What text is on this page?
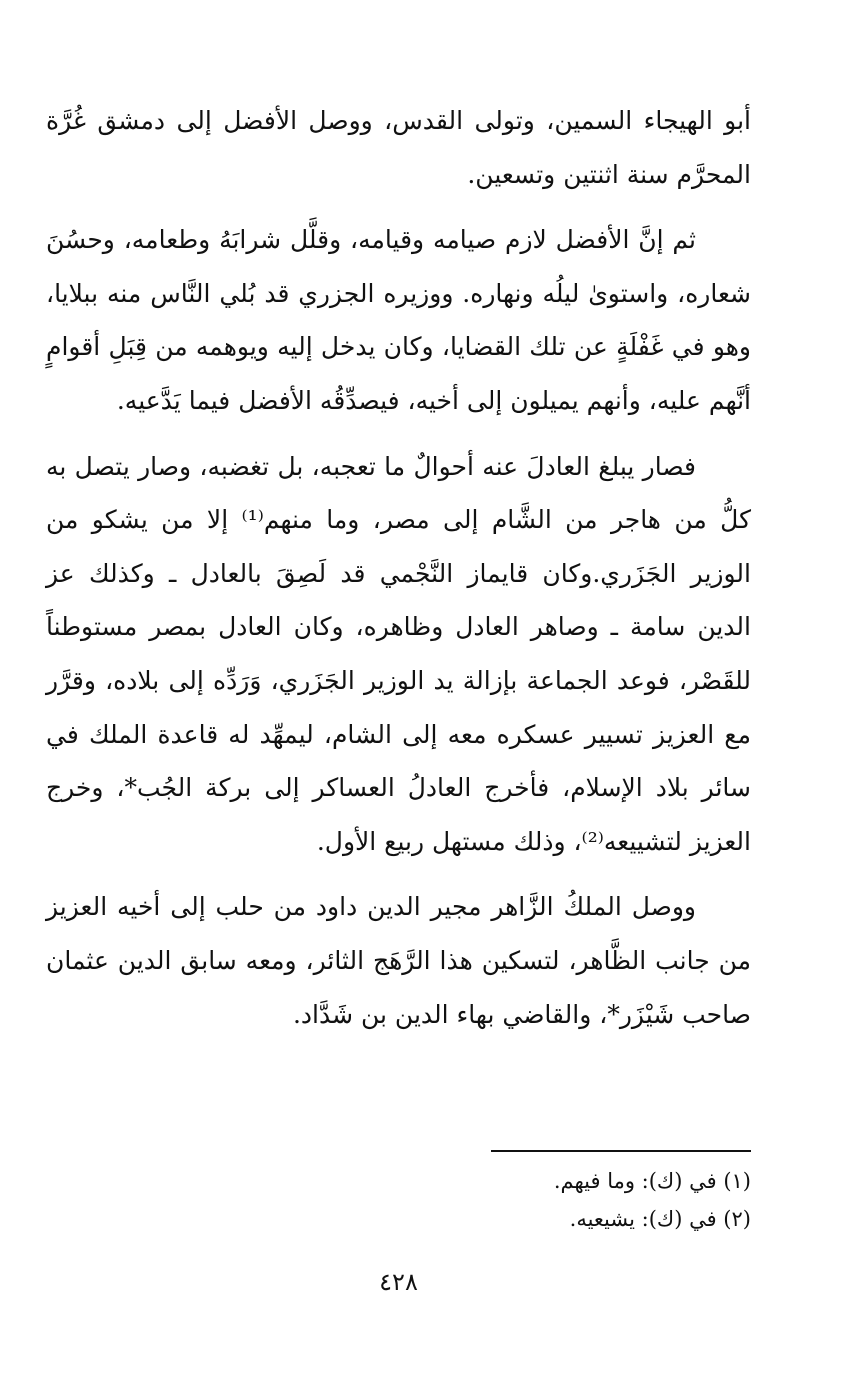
أبو الهيجاء السمين، وتولى القدس، ووصل الأفضل إلى دمشق غُرَّة المحرَّم سنة اثنتين وتسعين.

ثم إنَّ الأفضل لازم صيامه وقيامه، وقلَّل شرابَهُ وطعامه، وحسُنَ شعاره، واستوىٰ ليلُه ونهاره. ووزيره الجزري قد بُلي النَّاس منه ببلايا، وهو في غَفْلَةٍ عن تلك القضايا، وكان يدخل إليه ويوهمه من قِبَلِ أقوامٍ أنَّهم عليه، وأنهم يميلون إلى أخيه، فيصدِّقُه الأفضل فيما يَدَّعيه.

فصار يبلغ العادلَ عنه أحوالٌ ما تعجبه، بل تغضبه، وصار يتصل به كلُّ من هاجر من الشَّام إلى مصر، وما منهم⁽¹⁾ إلا من يشكو من الوزير الجَزَري.وكان قايماز النَّجْمي قد لَصِقَ بالعادل ـ وكذلك عز الدين سامة ـ وصاهر العادل وظاهره، وكان العادل بمصر مستوطناً للقَصْر، فوعد الجماعة بإزالة يد الوزير الجَزَري، وَرَدِّه إلى بلاده، وقرَّر مع العزيز تسيير عسكره معه إلى الشام، ليمهِّد له قاعدة الملك في سائر بلاد الإسلام، فأخرج العادلُ العساكر إلى بركة الجُب*، وخرج العزيز لتشييعه⁽²⁾، وذلك مستهل ربيع الأول.

ووصل الملكُ الزَّاهر مجير الدين داود من حلب إلى أخيه العزيز من جانب الظَّاهر، لتسكين هذا الرَّهَج الثائر، ومعه سابق الدين عثمان صاحب شَيْزَر*، والقاضي بهاء الدين بن شَدَّاد.

(١) في (ك): وما فيهم.
(٢) في (ك): يشيعيه.
٤٢٨
